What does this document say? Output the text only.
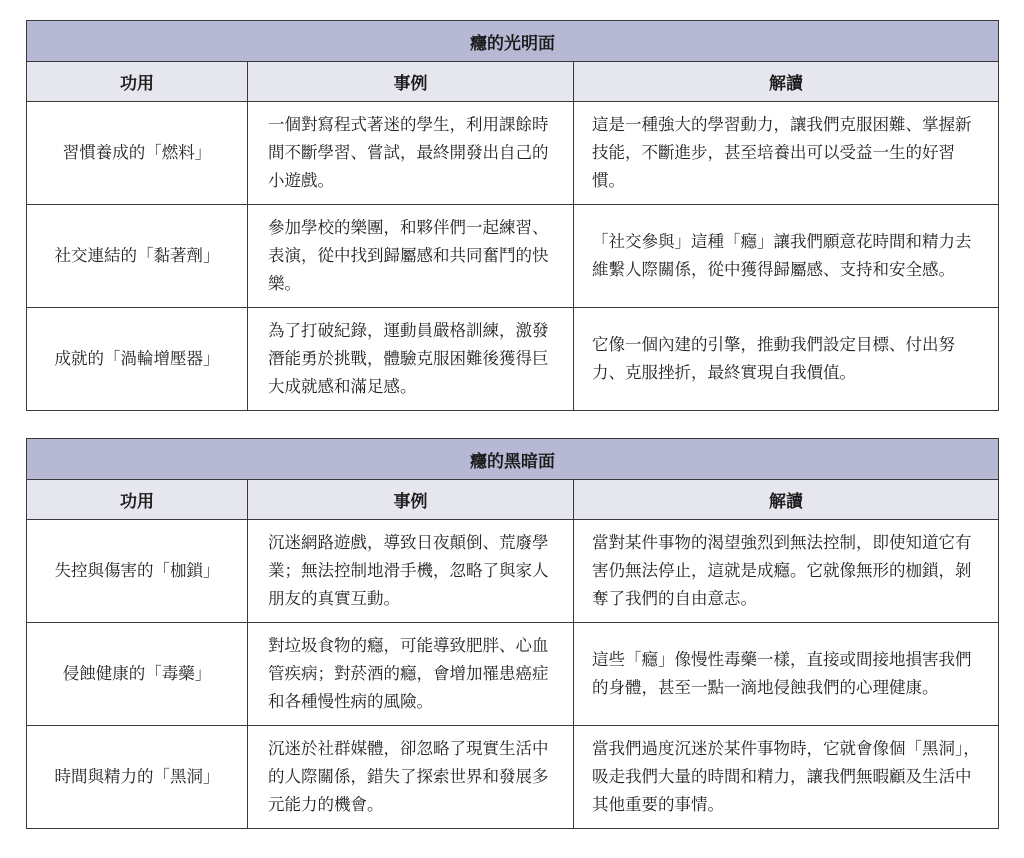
癮的光明面		
功用	事例	解讀
習慣養成的「燃料」	一個對寫程式著迷的學生，利用課餘時間不斷學習、嘗試，最終開發出自己的小遊戲。	這是一種強大的學習動力，讓我們克服困難、掌握新技能，不斷進步，甚至培養出可以受益一生的好習慣。
社交連結的「黏著劑」	參加學校的樂團，和夥伴們一起練習、表演，從中找到歸屬感和共同奮鬥的快樂。	「社交參與」這種「癮」讓我們願意花時間和精力去維繫人際關係，從中獲得歸屬感、支持和安全感。
成就的「渦輪增壓器」	為了打破紀錄，運動員嚴格訓練，激發潛能勇於挑戰，體驗克服困難後獲得巨大成就感和滿足感。	它像一個內建的引擎，推動我們設定目標、付出努力、克服挫折，最終實現自我價值。
癮的黑暗面		
功用	事例	解讀
失控與傷害的「枷鎖」	沉迷網路遊戲，導致日夜顛倒、荒廢學業；無法控制地滑手機，忽略了與家人朋友的真實互動。	當對某件事物的渴望強烈到無法控制，即使知道它有害仍無法停止，這就是成癮。它就像無形的枷鎖，剝奪了我們的自由意志。
侵蝕健康的「毒藥」	對垃圾食物的癮，可能導致肥胖、心血管疾病；對菸酒的癮，會增加罹患癌症和各種慢性病的風險。	這些「癮」像慢性毒藥一樣，直接或間接地損害我們的身體，甚至一點一滴地侵蝕我們的心理健康。
時間與精力的「黑洞」	沉迷於社群媒體，卻忽略了現實生活中的人際關係，錯失了探索世界和發展多元能力的機會。	當我們過度沉迷於某件事物時，它就會像個「黑洞」，吸走我們大量的時間和精力，讓我們無暇顧及生活中其他重要的事情。
